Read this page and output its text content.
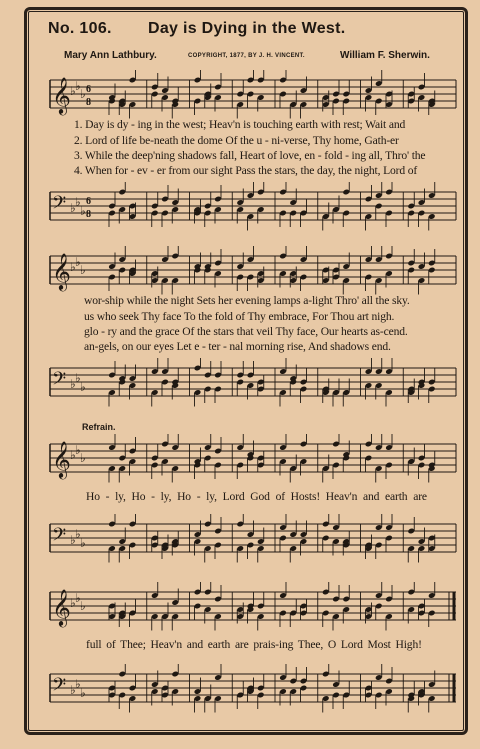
No. 106. Day is Dying in the West.
Mary Ann Lathbury.	COPYRIGHT, 1877, BY J. H. VINCENT.	William F. Sherwin.
𝄞 ♭ ♭
♭ 6
8
1. Day is dy - ing in the west; Heav'n is touching earth with rest; Wait and
2. Lord of life be-neath the dome Of the u - ni-verse, Thy home, Gath-er
3. While the deep'ning shadows fall, Heart of love, en - fold - ing all, Thro' the
4. When for - ev - er from our sight Pass the stars, the day, the night, Lord of
𝄢 ♭ ♭
♭
6
8
𝄞 ♭ ♭
♭
wor-ship while the night Sets her evening lamps a-light Thro' all the sky.
us who seek Thy face To the fold of Thy embrace, For Thou art nigh.
glo - ry and the grace Of the stars that veil Thy face, Our hearts as-cend.
an-gels, on our eyes Let e - ter - nal morning rise, And shadows end.
𝄢 ♭ ♭
♭
Refrain.
𝄞 ♭ ♭
♭
Ho - ly, Ho - ly, Ho - ly, Lord God of Hosts! Heav'n and earth are
𝄢 ♭ ♭
♭
𝄞 ♭ ♭
♭
full of Thee; Heav'n and earth are prais-ing Thee, O Lord Most High!
𝄢 ♭ ♭
♭
